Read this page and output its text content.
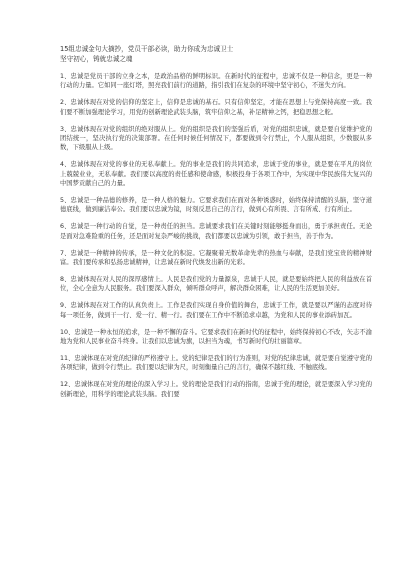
15组忠诚金句大摘抄，党员干部必读，助力你成为忠诚卫士
坚守初心，铸就忠诚之魂

1、忠诚是党员干部的立身之本，是政治品格的鲜明标识。在新时代的征程中，忠诚不仅是一种信念，更是一种行动的力量。它如同一座灯塔，照亮我们前行的道路，指引我们在复杂的环境中坚守初心，不迷失方向。

2、忠诚体现在对党的信仰的坚定上，信仰是忠诚的基石。只有信仰坚定，才能在思想上与党保持高度一致。我们要不断加强理论学习，用党的创新理论武装头脑，筑牢信仰之基，补足精神之钙，把稳思想之舵。

3、忠诚体现在对党的组织的绝对服从上。党的组织是我们的坚强后盾，对党的组织忠诚，就是要自觉维护党的团结统一，坚决执行党的决策部署。在任何时候任何情况下，都要做到令行禁止，个人服从组织，少数服从多数，下级服从上级。

4、忠诚体现在对党的事业的无私奉献上。党的事业是我们的共同追求，忠诚于党的事业，就是要在平凡的岗位上兢兢业业，无私奉献。我们要以高度的责任感和使命感，积极投身于各项工作中，为实现中华民族伟大复兴的中国梦贡献自己的力量。

5、忠诚是一种品德的修养，是一种人格的魅力。它要求我们在面对各种诱惑时，始终保持清醒的头脑，坚守道德底线，做到廉洁奉公。我们要以忠诚为镜，时刻反思自己的言行，做到心有所畏、言有所戒、行有所止。

6、忠诚是一种行动的自觉，是一种责任的担当。忠诚要求我们在关键时刻能够挺身而出，勇于承担责任。无论是面对急难险重的任务，还是面对复杂严峻的挑战，我们都要以忠诚为引领，敢于担当，善于作为。

7、忠诚是一种精神的传承，是一种文化的积淀。它凝聚着无数革命先辈的热血与奉献，是我们党宝贵的精神财富。我们要传承和弘扬忠诚精神，让忠诚在新时代焕发出新的光彩。

8、忠诚体现在对人民的深厚感情上。人民是我们党的力量源泉，忠诚于人民，就是要始终把人民的利益放在首位，全心全意为人民服务。我们要深入群众，倾听群众呼声，解决群众困难，让人民的生活更加美好。

9、忠诚体现在对工作的认真负责上。工作是我们实现自身价值的舞台，忠诚于工作，就是要以严谨的态度对待每一项任务，做到干一行、爱一行、精一行。我们要在工作中不断追求卓越，为党和人民的事业添砖加瓦。

10、忠诚是一种永恒的追求，是一种不懈的奋斗。它要求我们在新时代的征程中，始终保持初心不改，矢志不渝地为党和人民事业奋斗终身。让我们以忠诚为旗，以担当为魂，书写新时代的壮丽篇章。

11、忠诚体现在对党的纪律的严格遵守上。党的纪律是我们的行为准则，对党的纪律忠诚，就是要自觉遵守党的各项纪律，做到令行禁止。我们要以纪律为尺，时刻衡量自己的言行，确保不越红线、不触底线。

12、忠诚体现在对党的理论的深入学习上。党的理论是我们行动的指南，忠诚于党的理论，就是要深入学习党的创新理论，用科学的理论武装头脑。我们要
